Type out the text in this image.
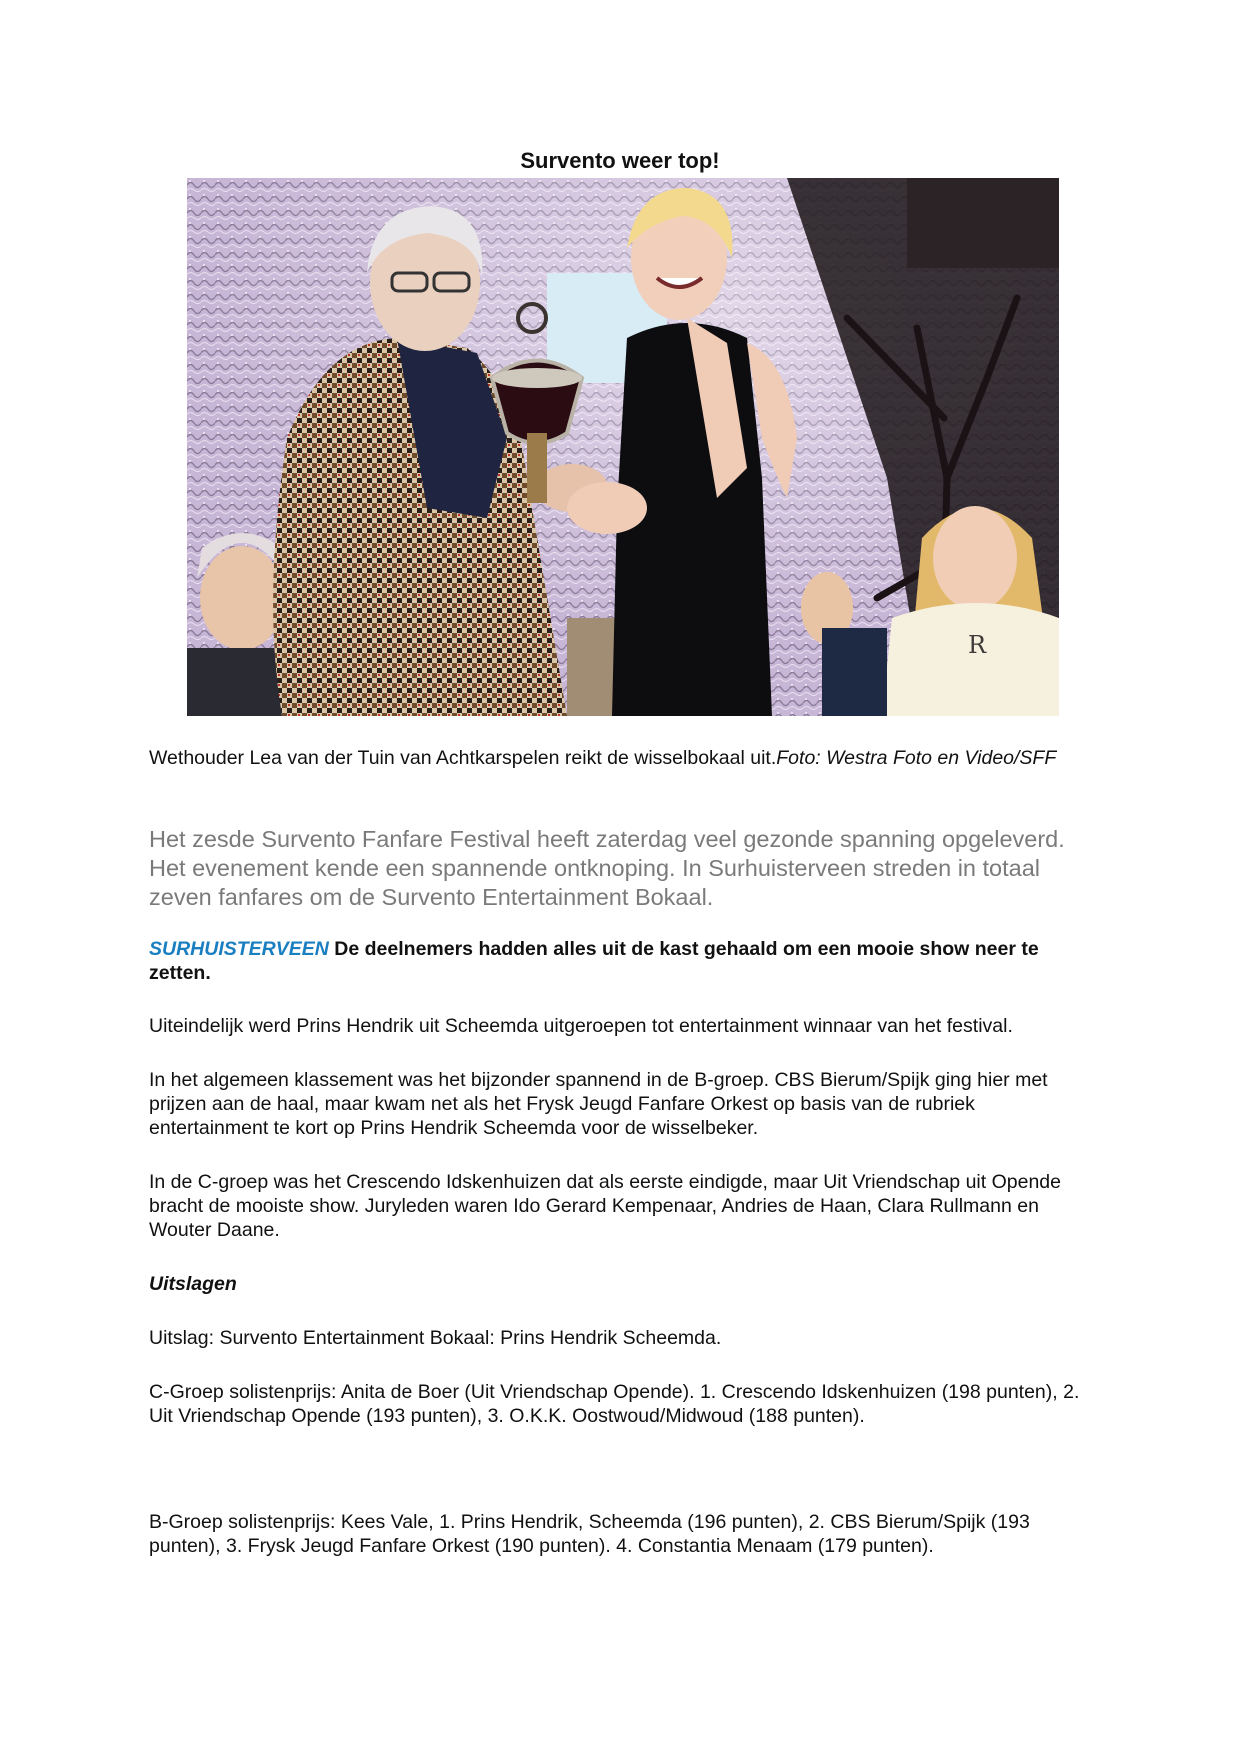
Survento weer top!
R
Wethouder Lea van der Tuin van Achtkarspelen reikt de wisselbokaal uit.Foto: Westra Foto en Video/SFF
Het zesde Survento Fanfare Festival heeft zaterdag veel gezonde spanning opgeleverd. Het evenement kende een spannende ontknoping. In Surhuisterveen streden in totaal zeven fanfares om de Survento Entertainment Bokaal.
SURHUISTERVEEN De deelnemers hadden alles uit de kast gehaald om een mooie show neer te zetten.
Uiteindelijk werd Prins Hendrik uit Scheemda uitgeroepen tot entertainment winnaar van het festival.
In het algemeen klassement was het bijzonder spannend in de B-groep. CBS Bierum/Spijk ging hier met prijzen aan de haal, maar kwam net als het Frysk Jeugd Fanfare Orkest op basis van de rubriek entertainment te kort op Prins Hendrik Scheemda voor de wisselbeker.
In de C-groep was het Crescendo Idskenhuizen dat als eerste eindigde, maar Uit Vriendschap uit Opende bracht de mooiste show. Juryleden waren Ido Gerard Kempenaar, Andries de Haan, Clara Rullmann en Wouter Daane.
Uitslagen
Uitslag: Survento Entertainment Bokaal: Prins Hendrik Scheemda.
C-Groep solistenprijs: Anita de Boer (Uit Vriendschap Opende). 1. Crescendo Idskenhuizen (198 punten), 2. Uit Vriendschap Opende (193 punten), 3. O.K.K. Oostwoud/Midwoud (188 punten).
B-Groep solistenprijs: Kees Vale, 1. Prins Hendrik, Scheemda (196 punten), 2. CBS Bierum/Spijk (193 punten), 3. Frysk Jeugd Fanfare Orkest (190 punten). 4. Constantia Menaam (179 punten).
